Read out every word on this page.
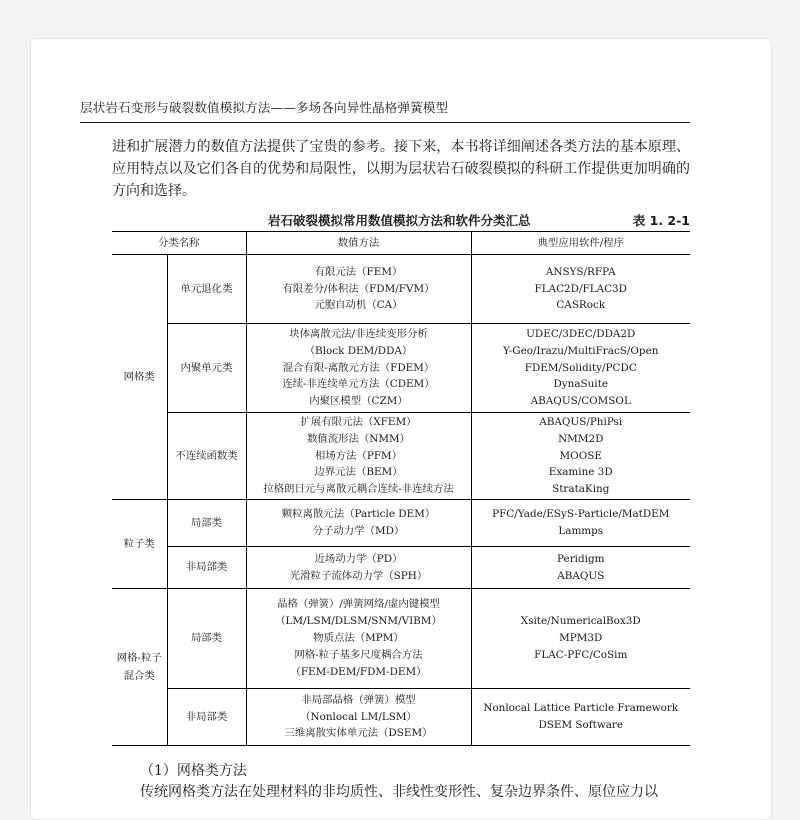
层状岩石变形与破裂数值模拟方法——多场各向异性晶格弹簧模型

进和扩展潜力的数值方法提供了宝贵的参考。接下来，本书将详细阐述各类方法的基本原理、应用特点以及它们各自的优势和局限性，以期为层状岩石破裂模拟的科研工作提供更加明确的方向和选择。

岩石破裂模拟常用数值模拟方法和软件分类汇总	表 1. 2-1
分类名称		数值方法	典型应用软件/程序

网格类	单元退化类	有限元法（FEM）
有限差分/体积法（FDM/FVM）
元胞自动机（CA）	ANSYS/RFPA
FLAC2D/FLAC3D
CASRock

	内聚单元类	块体离散元法/非连续变形分析
（Block DEM/DDA）
混合有限-离散元方法（FDEM）
连续-非连续单元方法（CDEM）
内聚区模型（CZM）	UDEC/3DEC/DDA2D
Y-Geo/Irazu/MultiFracS/Open
FDEM/Solidity/PCDC
DynaSuite
ABAQUS/COMSOL

	不连续函数类	扩展有限元法（XFEM）
数值流形法（NMM）
相场方法（PFM）
边界元法（BEM）
拉格朗日元与离散元耦合连续-非连续方法	ABAQUS/PhiPsi
NMM2D
MOOSE
Examine 3D
StrataKing

粒子类	局部类	颗粒离散元法（Particle DEM）
分子动力学（MD）	PFC/Yade/ESyS-Particle/MatDEM
Lammps

	非局部类	近场动力学（PD）
光滑粒子流体动力学（SPH）	Peridigm
ABAQUS

网格-粒子
混合类	局部类	晶格（弹簧）/弹簧网络/虚内键模型
（LM/LSM/DLSM/SNM/VIBM）
物质点法（MPM）
网格-粒子基多尺度耦合方法
（FEM-DEM/FDM-DEM）	Xsite/NumericalBox3D
MPM3D
FLAC-PFC/CoSim

	非局部类	非局部晶格（弹簧）模型
（Nonlocal LM/LSM）
三维离散实体单元法（DSEM）	Nonlocal Lattice Particle Framework
DSEM Software
（1）网格类方法

传统网格类方法在处理材料的非均质性、非线性变形性、复杂边界条件、原位应力以
